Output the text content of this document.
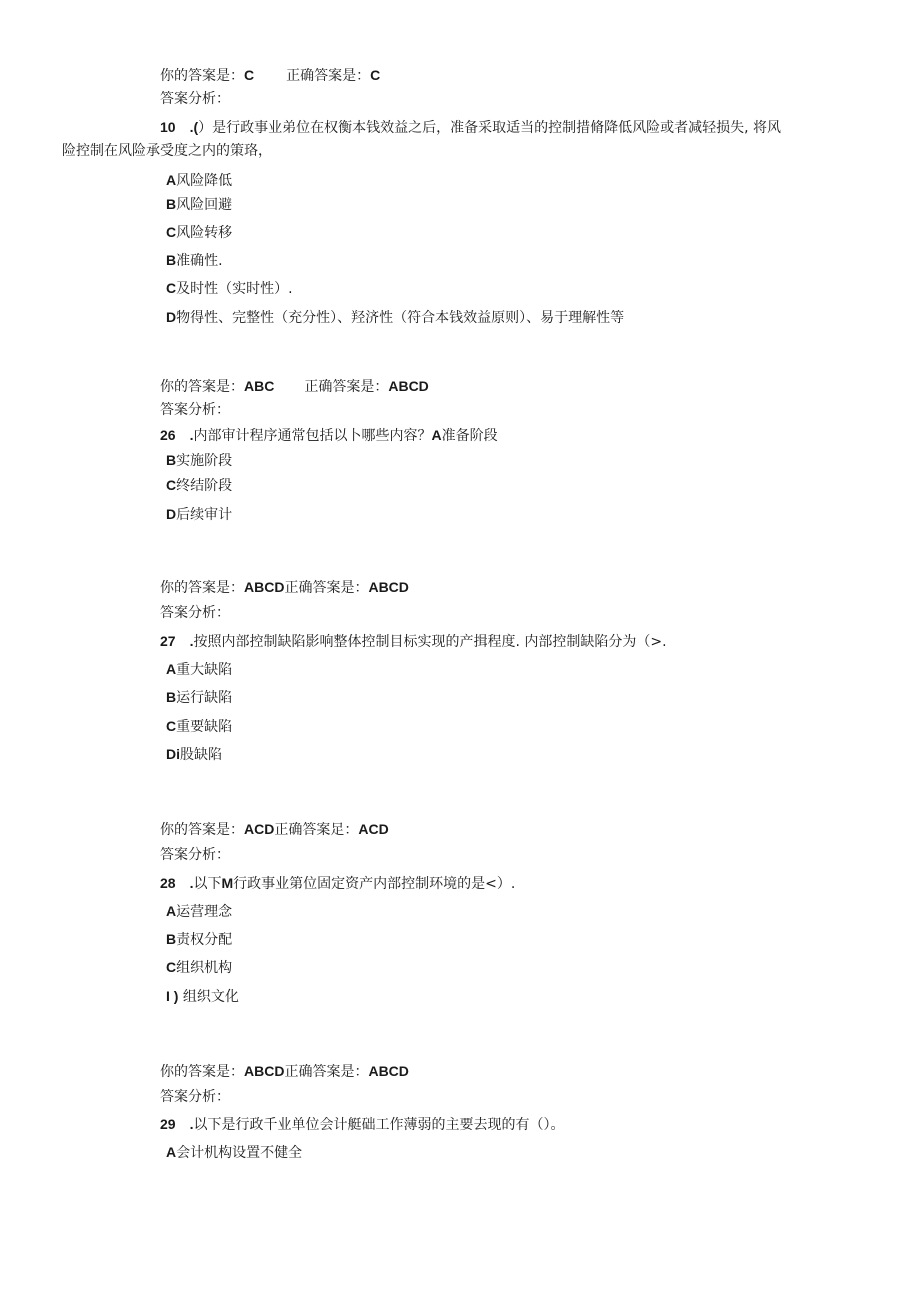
你的答案是：C 正确答案是：C
答案分析：
10 .(）是行政事业弟位在权衡本钱效益之后，准备采取适当的控制措脩降低风险或者减轻损失, 将风
险控制在风险承受度之内的策珞，
A风险降低
B风险回避
C风险转移
B准确性.
C及时性（实时性）.
D物得性、完整性（充分性）、羟济性（符合本钱效益原则）、易于理解性等
你的答案是：ABC 正确答案是：ABCD
答案分析：
26 .内部审计程序通常包括以卜哪些内容？A准备阶段
B实施阶段
C终结阶段
D后续审计
你的答案是：ABCD正确答案是：ABCD
答案分析：
27 .按照内部控制缺陷影响整体控制目标实现的产揖程度. 内部控制缺陷分为（>.
A重大缺陷
B运行缺陷
C重要缺陷
Di股缺陷
你的答案是：ACD正确答案足：ACD
答案分析：
28 .以下M行政事业第位固定资产内部控制环境的是<）.
A运营理念
B责权分配
C组织机构
I ) 组织文化
你的答案是：ABCD正确答案是：ABCD
答案分析：
29 .以下是行政千业单位会计艇础工作薄弱的主要去现的有（）。
A会计机构设置不健全
